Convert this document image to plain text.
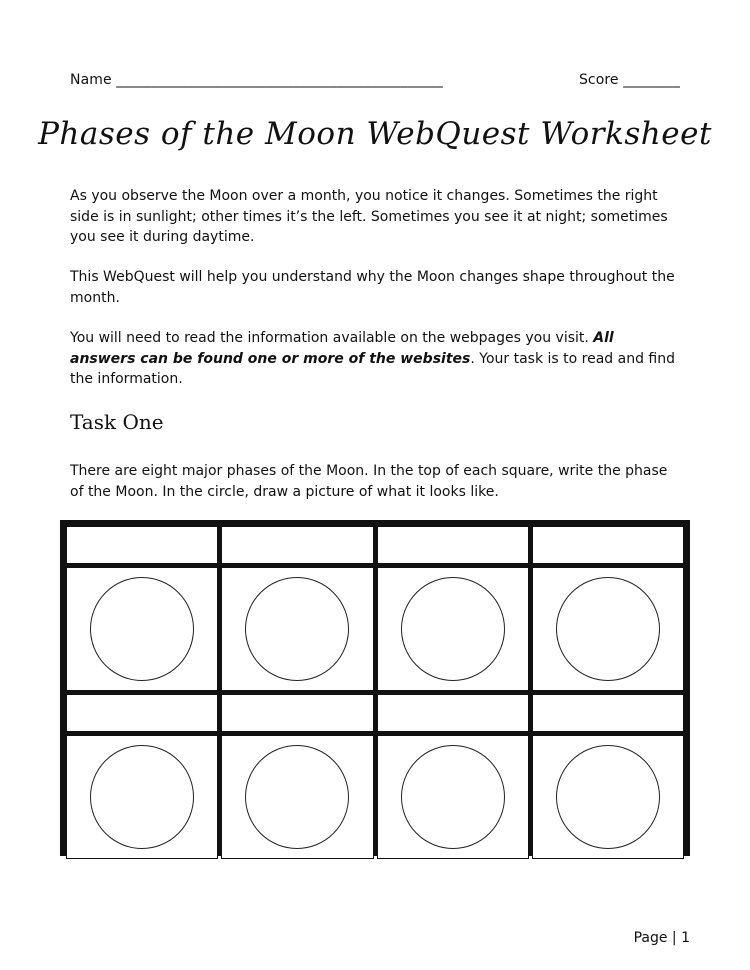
Name ______________________________________________	Score ________
Phases of the Moon WebQuest Worksheet

As you observe the Moon over a month, you notice it changes. Sometimes the right side is in sunlight; other times it’s the left. Sometimes you see it at night; sometimes you see it during daytime.

This WebQuest will help you understand why the Moon changes shape throughout the month.

You will need to read the information available on the webpages you visit. All answers can be found one or more of the websites. Your task is to read and find the information.

Task One

There are eight major phases of the Moon. In the top of each square, write the phase of the Moon. In the circle, draw a picture of what it looks like.

Page | 1
